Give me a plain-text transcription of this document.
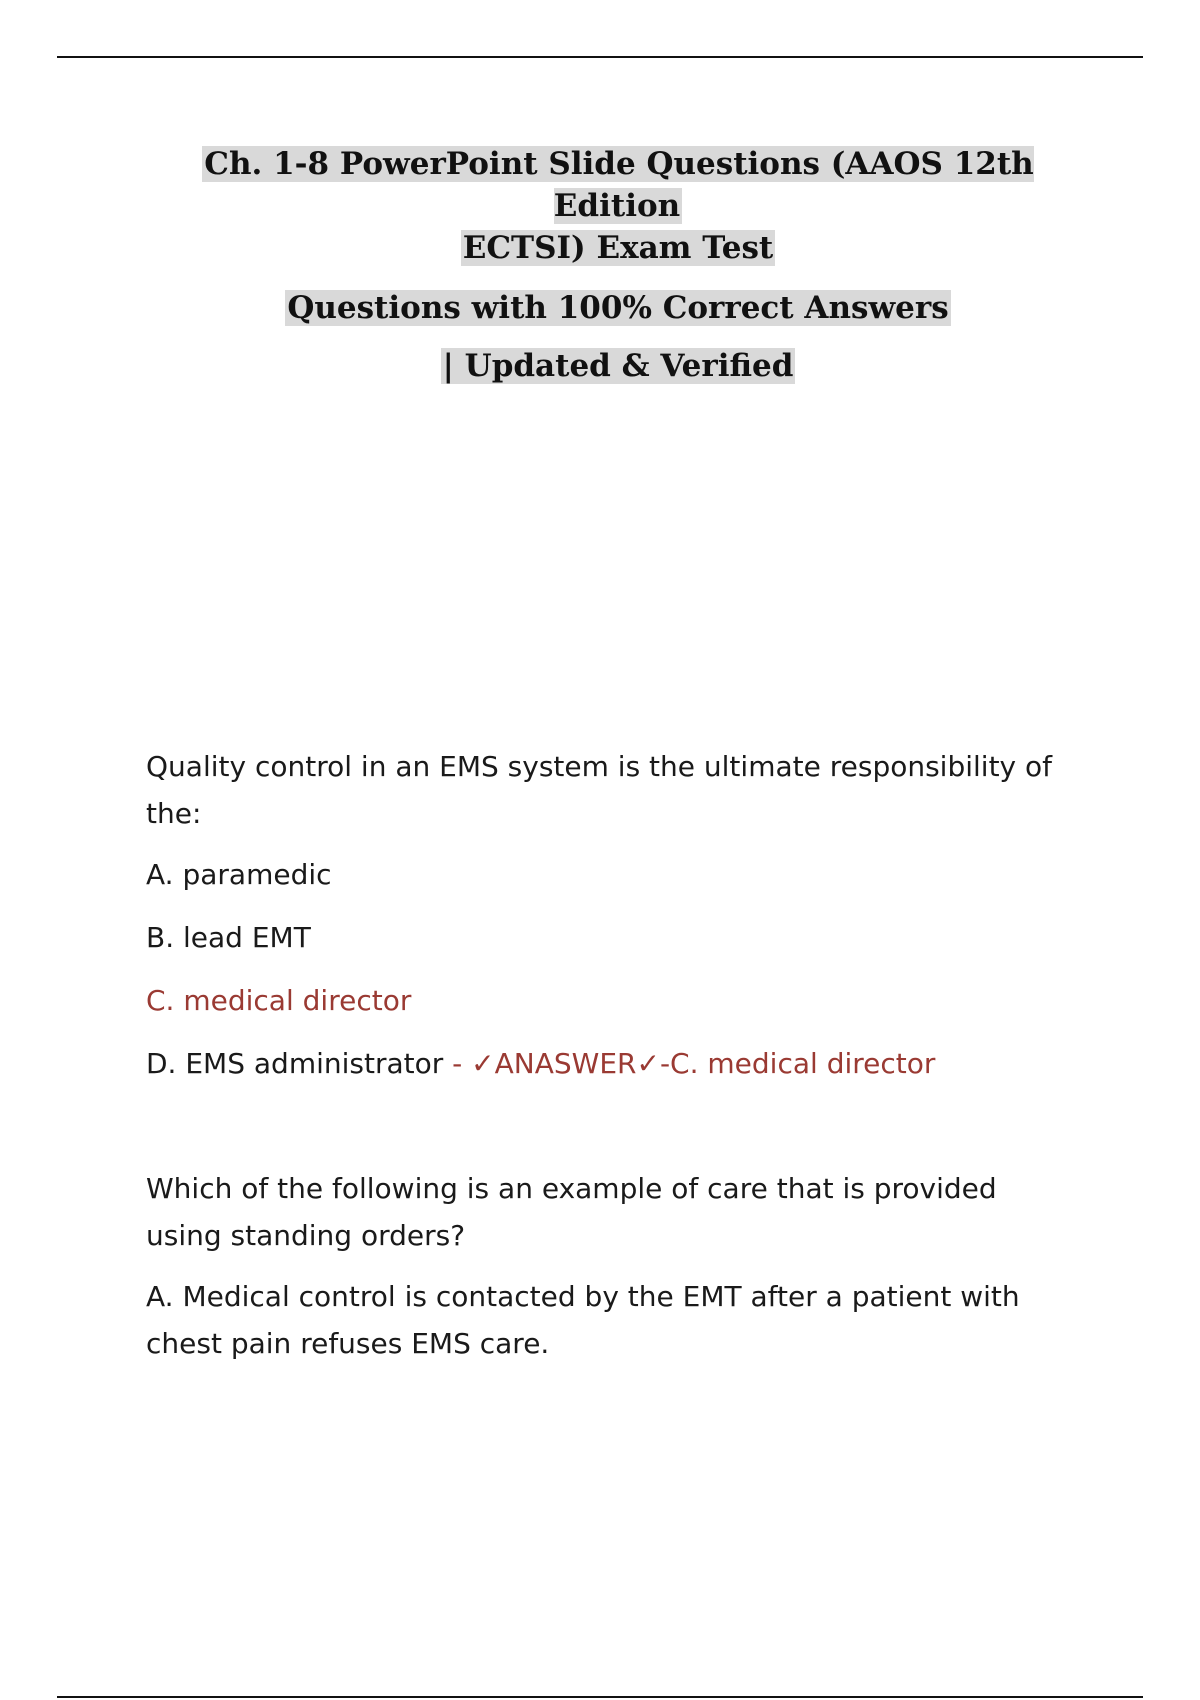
Ch. 1-8 PowerPoint Slide Questions (AAOS 12th Edition
ECTSI) Exam Test
Questions with 100% Correct Answers
| Updated & Verified

Quality control in an EMS system is the ultimate responsibility of the:

A. paramedic

B. lead EMT

C. medical director

D. EMS administrator - ✓ANASWER✓-C. medical director

Which of the following is an example of care that is provided using standing orders?

A. Medical control is contacted by the EMT after a patient with chest pain refuses EMS care.
